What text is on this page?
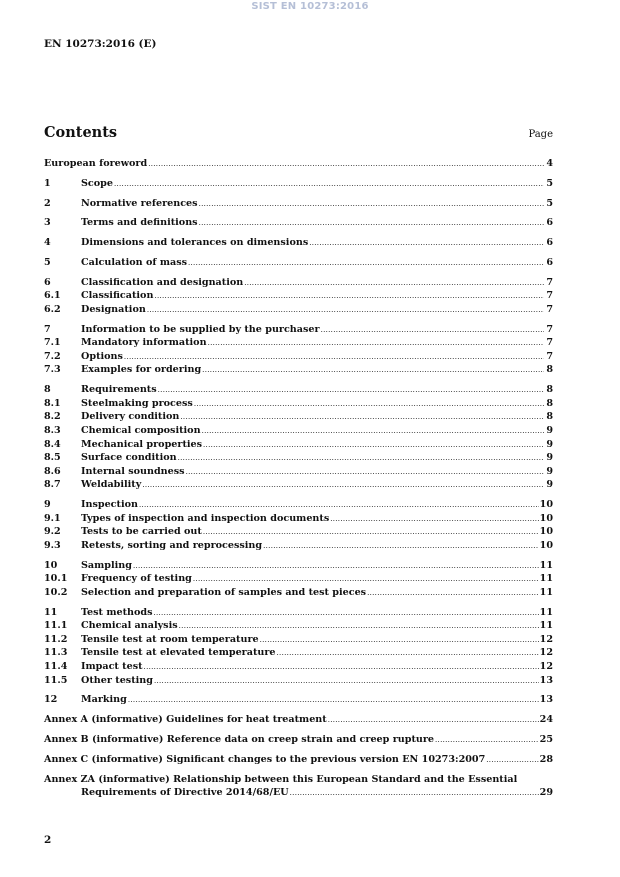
SIST EN 10273:2016
EN 10273:2016 (E)
Contents	Page
European foreword .....	4
1	Scope .....	5
2	Normative references .....	5
3	Terms and definitions .....	6
4	Dimensions and tolerances on dimensions .....	6
5	Calculation of mass .....	6
6	Classification and designation .....	7
6.1	Classification .....	7
6.2	Designation .....	7
7	Information to be supplied by the purchaser .....	7
7.1	Mandatory information .....	7
7.2	Options .....	7
7.3	Examples for ordering .....	8
8	Requirements .....	8
8.1	Steelmaking process .....	8
8.2	Delivery condition .....	8
8.3	Chemical composition .....	9
8.4	Mechanical properties .....	9
8.5	Surface condition .....	9
8.6	Internal soundness .....	9
8.7	Weldability .....	9
9	Inspection .....	10
9.1	Types of inspection and inspection documents .....	10
9.2	Tests to be carried out .....	10
9.3	Retests, sorting and reprocessing .....	10
10	Sampling .....	11
10.1	Frequency of testing .....	11
10.2	Selection and preparation of samples and test pieces .....	11
11	Test methods .....	11
11.1	Chemical analysis .....	11
11.2	Tensile test at room temperature .....	12
11.3	Tensile test at elevated temperature .....	12
11.4	Impact test .....	12
11.5	Other testing .....	13
12	Marking .....	13
Annex A (informative) Guidelines for heat treatment .....	24
Annex B (informative) Reference data on creep strain and creep rupture .....	25
Annex C (informative) Significant changes to the previous version EN 10273:2007 .....	28
Annex ZA (informative) Relationship between this European Standard and the Essential
Requirements of Directive 2014/68/EU .....	29
2
